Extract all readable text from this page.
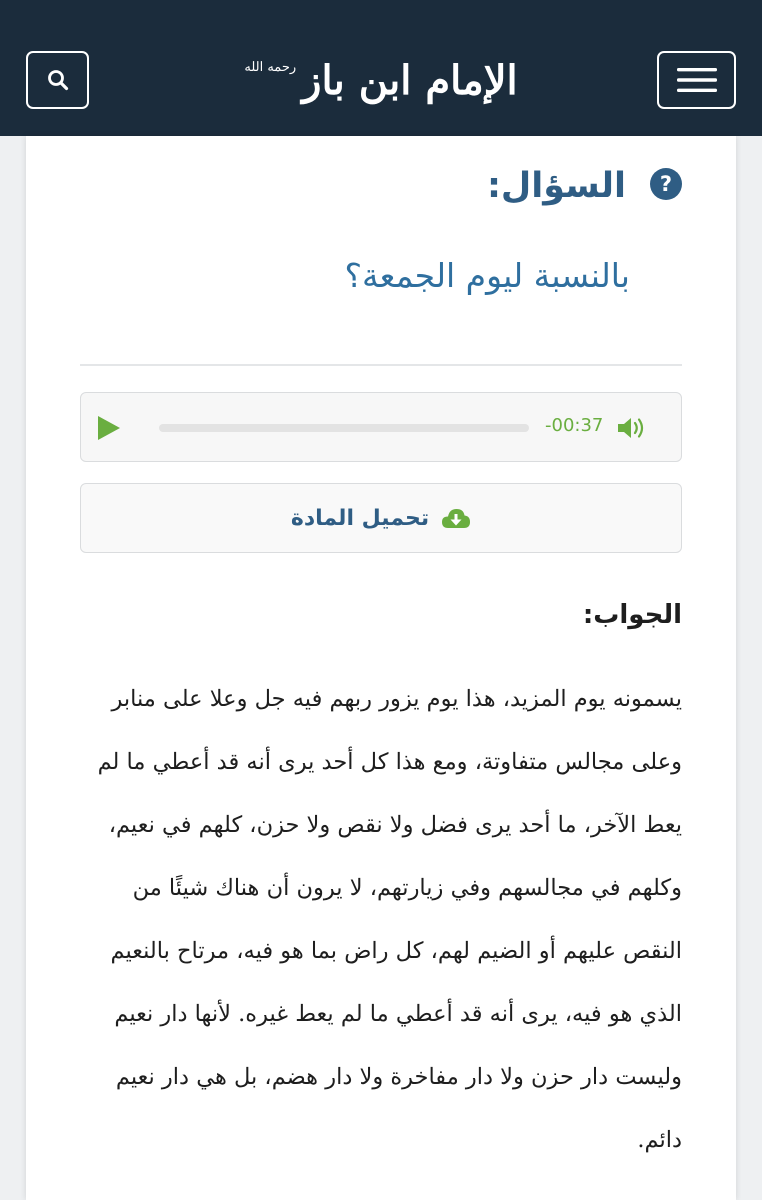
الإمام ابن باز
رحمه الله
?
السؤال:
بالنسبة ليوم الجمعة؟
-00:37
تحميل المادة
الجواب:
يسمونه يوم المزيد، هذا يوم يزور ربهم فيه جل وعلا على منابر وعلى مجالس متفاوتة، ومع هذا كل أحد يرى أنه قد أعطي ما لم يعط الآخر، ما أحد يرى فضل ولا نقص ولا حزن، كلهم في نعيم، وكلهم في مجالسهم وفي زيارتهم، لا يرون أن هناك شيئًا من النقص عليهم أو الضيم لهم، كل راض بما هو فيه، مرتاح بالنعيم الذي هو فيه، يرى أنه قد أعطي ما لم يعط غيره. لأنها دار نعيم وليست دار حزن ولا دار مفاخرة ولا دار هضم، بل هي دار نعيم دائم.
